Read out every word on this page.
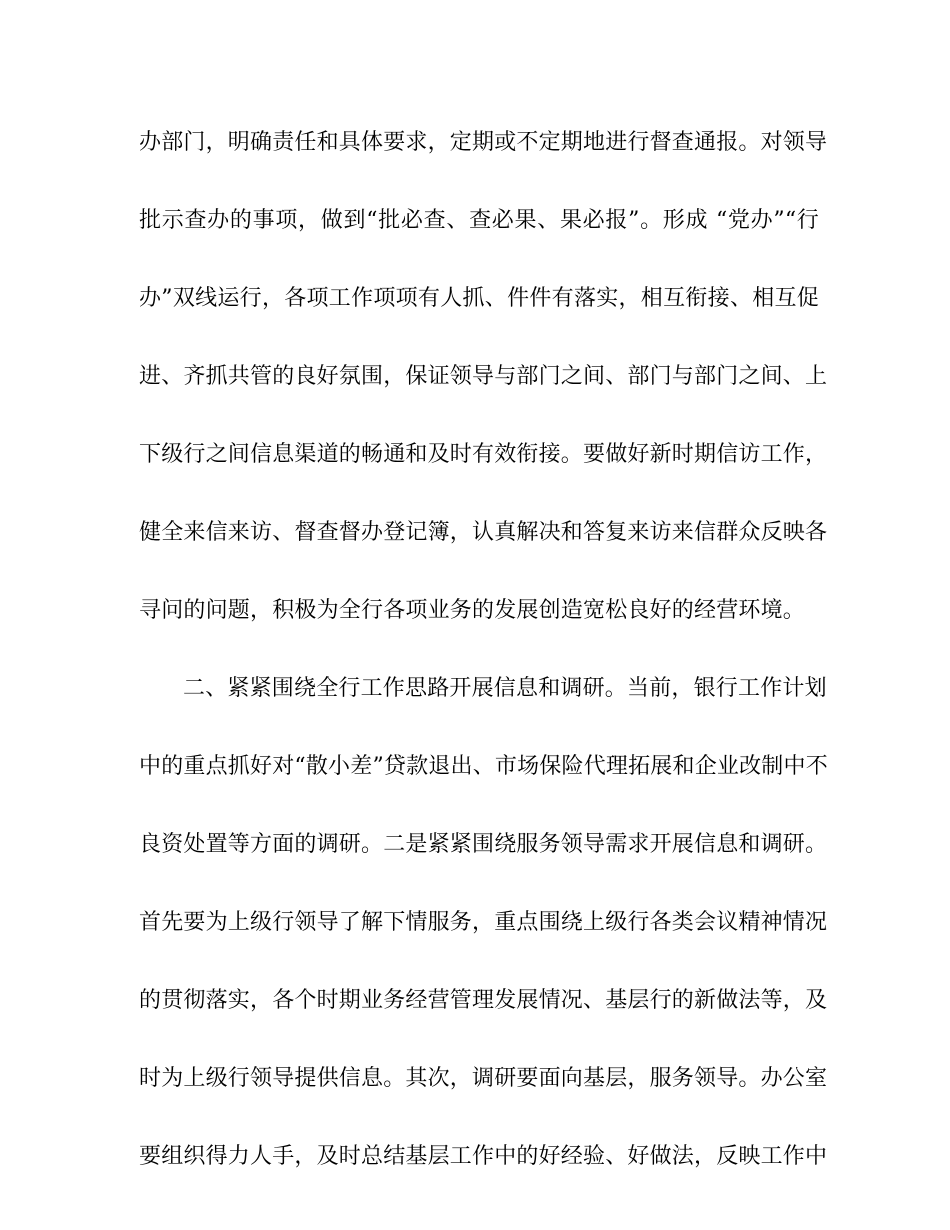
办部门，明确责任和具体要求，定期或不定期地进行督查通报。对领导
批示查办的事项，做到“批必查、查必果、果必报”。形成 “党办”“行
办”双线运行，各项工作项项有人抓、件件有落实，相互衔接、相互促
进、齐抓共管的良好氛围，保证领导与部门之间、部门与部门之间、上
下级行之间信息渠道的畅通和及时有效衔接。要做好新时期信访工作，
健全来信来访、督查督办登记簿，认真解决和答复来访来信群众反映各
寻问的问题，积极为全行各项业务的发展创造宽松良好的经营环境。
二、紧紧围绕全行工作思路开展信息和调研。当前，银行工作计划
中的重点抓好对“散小差”贷款退出、市场保险代理拓展和企业改制中不
良资处置等方面的调研。二是紧紧围绕服务领导需求开展信息和调研。
首先要为上级行领导了解下情服务，重点围绕上级行各类会议精神情况
的贯彻落实，各个时期业务经营管理发展情况、基层行的新做法等，及
时为上级行领导提供信息。其次，调研要面向基层，服务领导。办公室
要组织得力人手，及时总结基层工作中的好经验、好做法，反映工作中
